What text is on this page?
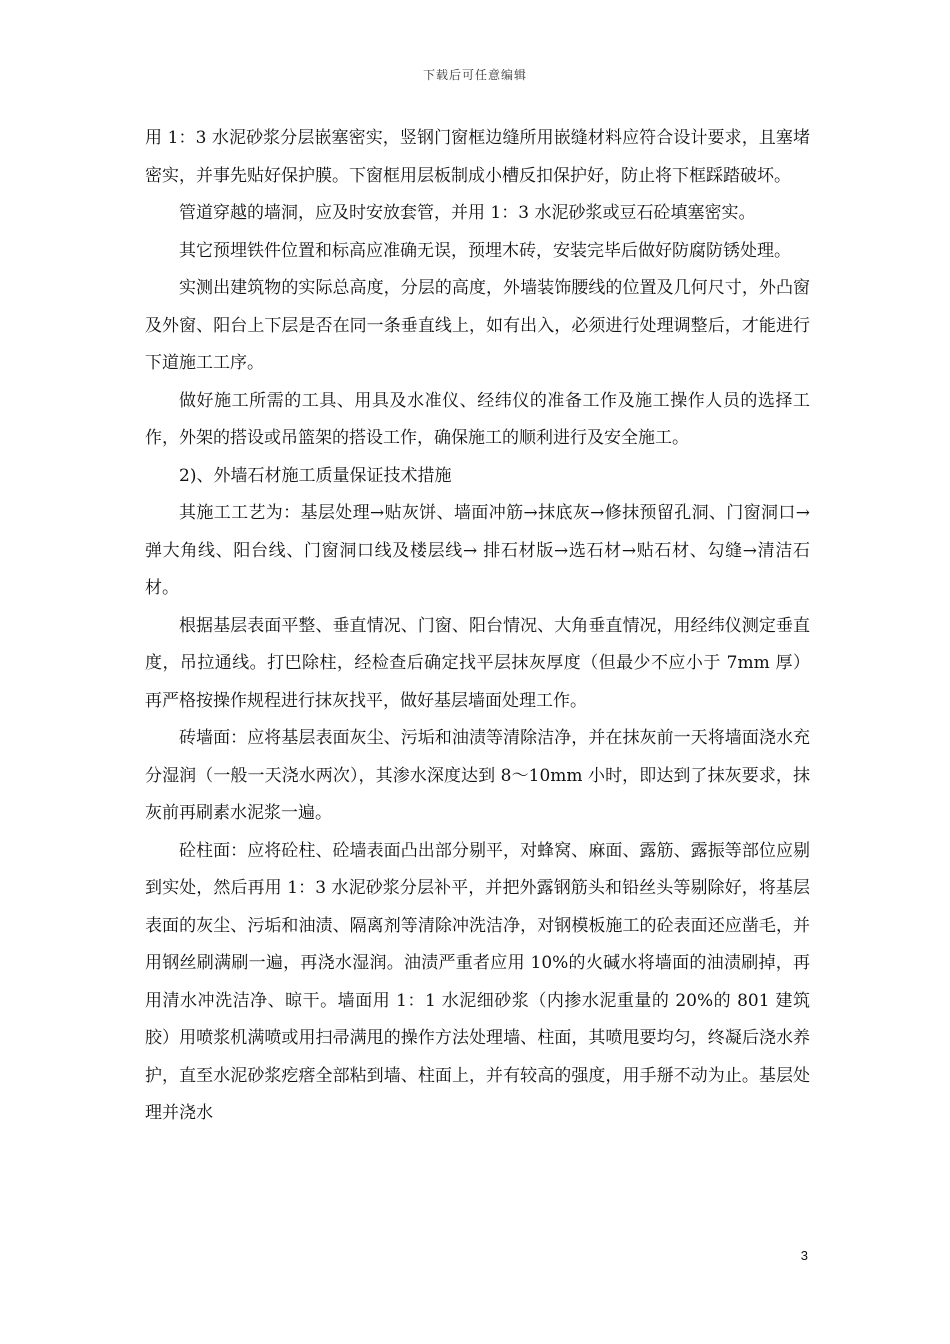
下载后可任意编辑

用 1：3 水泥砂浆分层嵌塞密实，竖钢门窗框边缝所用嵌缝材料应符合设计要求，且塞堵密实，并事先贴好保护膜。下窗框用层板制成小槽反扣保护好，防止将下框踩踏破坏。

管道穿越的墙洞，应及时安放套管，并用 1：3 水泥砂浆或豆石砼填塞密实。

其它预埋铁件位置和标高应准确无误，预埋木砖，安装完毕后做好防腐防锈处理。

实测出建筑物的实际总高度，分层的高度，外墙装饰腰线的位置及几何尺寸，外凸窗及外窗、阳台上下层是否在同一条垂直线上，如有出入，必须进行处理调整后，才能进行下道施工工序。

做好施工所需的工具、用具及水准仪、经纬仪的准备工作及施工操作人员的选择工作，外架的搭设或吊篮架的搭设工作，确保施工的顺利进行及安全施工。

2)、外墙石材施工质量保证技术措施

其施工工艺为：基层处理→贴灰饼、墙面冲筋→抹底灰→修抹预留孔洞、门窗洞口→弹大角线、阳台线、门窗洞口线及楼层线→ 排石材版→选石材→贴石材、勾缝→清洁石材。

根据基层表面平整、垂直情况、门窗、阳台情况、大角垂直情况，用经纬仪测定垂直度，吊拉通线。打巴除柱，经检查后确定找平层抹灰厚度（但最少不应小于 7mm 厚）再严格按操作规程进行抹灰找平，做好基层墙面处理工作。

砖墙面：应将基层表面灰尘、污垢和油渍等清除洁净，并在抹灰前一天将墙面浇水充分湿润（一般一天浇水两次），其渗水深度达到 8～10mm 小时，即达到了抹灰要求，抹灰前再刷素水泥浆一遍。

砼柱面：应将砼柱、砼墙表面凸出部分剔平，对蜂窝、麻面、露筋、露振等部位应剔到实处，然后再用 1：3 水泥砂浆分层补平，并把外露钢筋头和铅丝头等剔除好，将基层表面的灰尘、污垢和油渍、隔离剂等清除冲洗洁净，对钢模板施工的砼表面还应凿毛，并用钢丝刷满刷一遍，再浇水湿润。油渍严重者应用 10%的火碱水将墙面的油渍刷掉，再用清水冲洗洁净、晾干。墙面用 1：1 水泥细砂浆（内掺水泥重量的 20%的 801 建筑胶）用喷浆机满喷或用扫帚满甩的操作方法处理墙、柱面，其喷甩要均匀，终凝后浇水养护，直至水泥砂浆疙瘩全部粘到墙、柱面上，并有较高的强度，用手掰不动为止。基层处理并浇水

3
